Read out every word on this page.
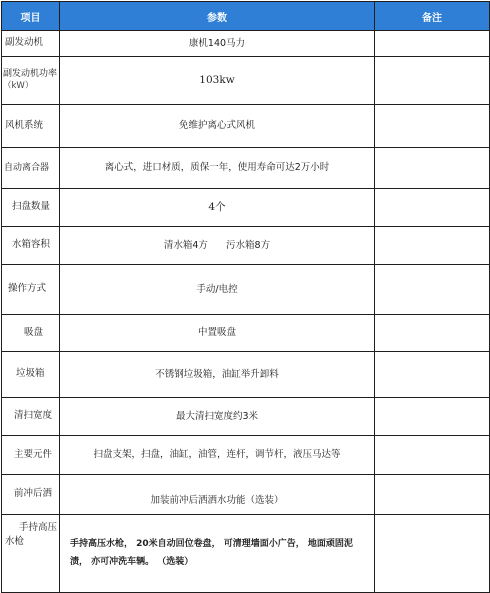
项目	参数	备注
副发动机	康机140马力	
副发动机功率
（kW）	103kw	
风机系统	免维护离心式风机	
自动离合器	离心式，进口材质，质保一年，使用寿命可达2万小时	
扫盘数量	4个	
水箱容积	清水箱4方      污水箱8方	
操作方式	手动/电控	
吸盘	中置吸盘	
垃圾箱	不锈钢垃圾箱，油缸举升卸料	
清扫宽度	最大清扫宽度约3米	
主要元件	扫盘支架，扫盘，油缸，油管，连杆，调节杆，液压马达等	
前冲后洒	加装前冲后洒洒水功能（选装）	
手持高压水枪	手持高压水枪， 20米自动回位卷盘， 可清理墙面小广告， 地面顽固泥渍， 亦可冲洗车辆。 （选装）	
